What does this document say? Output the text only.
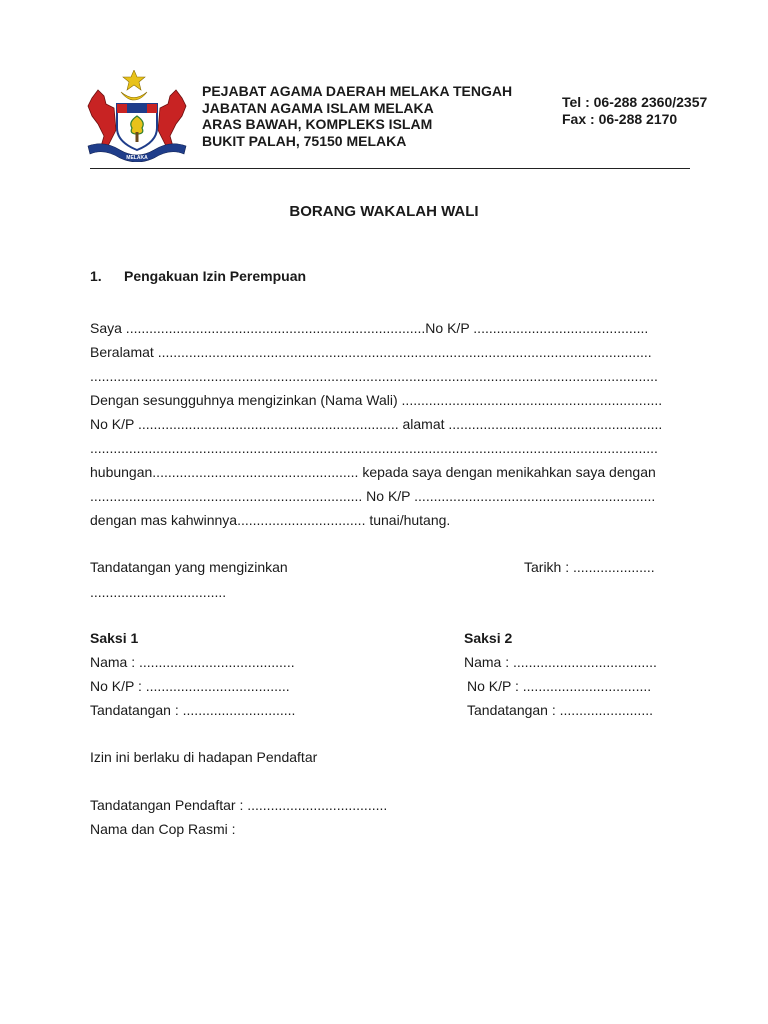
MELAKA
PEJABAT AGAMA DAERAH MELAKA TENGAH
JABATAN AGAMA ISLAM MELAKA
ARAS BAWAH, KOMPLEKS ISLAM
BUKIT PALAH, 75150 MELAKA
Tel : 06-288 2360/2357
Fax : 06-288 2170
BORANG WAKALAH WALI
1. Pengakuan Izin Perempuan
Saya .............................................................................No K/P .............................................
Beralamat ...............................................................................................................................
..................................................................................................................................................
Dengan sesungguhnya mengizinkan (Nama Wali) ...................................................................
No K/P ................................................................... alamat .......................................................
..................................................................................................................................................
hubungan..................................................... kepada saya dengan menikahkan saya dengan
...................................................................... No K/P ..............................................................
dengan mas kahwinnya................................. tunai/hutang.
Tandatangan yang mengizinkan	Tarikh : .....................
...................................
Saksi 1
Nama : ........................................
No K/P : .....................................
Tandatangan : .............................
Saksi 2
Nama : .....................................
No K/P : .................................
Tandatangan : ........................
Izin ini berlaku di hadapan Pendaftar
Tandatangan Pendaftar : ....................................
Nama dan Cop Rasmi :
